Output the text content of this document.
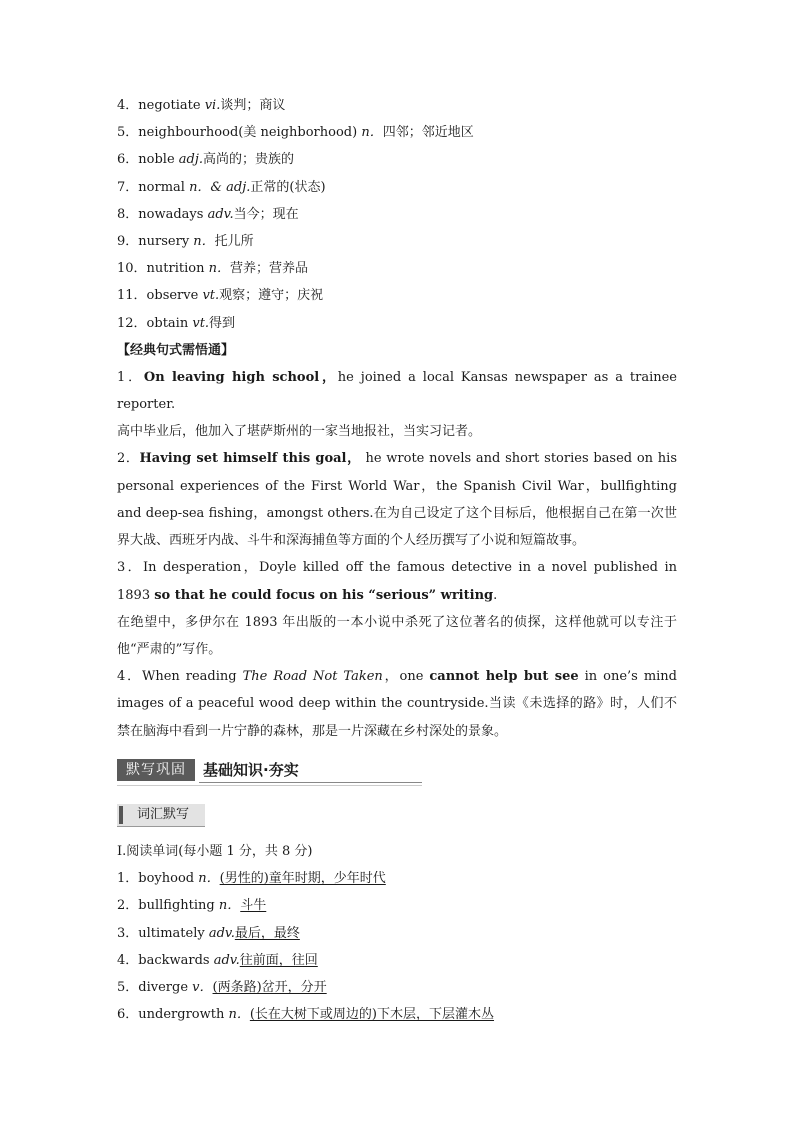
4．negotiate vi.谈判；商议
5．neighbourhood(美 neighborhood) n．四邻；邻近地区
6．noble adj.高尚的；贵族的
7．normal n．& adj.正常的(状态)
8．nowadays adv.当今；现在
9．nursery n．托儿所
10．nutrition n．营养；营养品
11．observe vt.观察；遵守；庆祝
12．obtain vt.得到
【经典句式需悟通】
1．On leaving high school，he joined a local Kansas newspaper as a trainee reporter.
高中毕业后，他加入了堪萨斯州的一家当地报社，当实习记者。
2．Having set himself this goal， he wrote novels and short stories based on his personal experiences of the First World War，the Spanish Civil War，bullfighting and deep-sea fishing，amongst others.在为自己设定了这个目标后，他根据自己在第一次世界大战、西班牙内战、斗牛和深海捕鱼等方面的个人经历撰写了小说和短篇故事。
3．In desperation，Doyle killed off the famous detective in a novel published in 1893 so that he could focus on his “serious” writing.
在绝望中，多伊尔在 1893 年出版的一本小说中杀死了这位著名的侦探，这样他就可以专注于他“严肃的”写作。
4．When reading The Road Not Taken，one cannot help but see in one’s mind images of a peaceful wood deep within the countryside.当读《未选择的路》时，人们不禁在脑海中看到一片宁静的森林，那是一片深藏在乡村深处的景象。
默写巩固	基础知识·夯实
词汇默写
Ⅰ.阅读单词(每小题 1 分，共 8 分)
1．boyhood n．(男性的)童年时期，少年时代
2．bullfighting n．斗牛
3．ultimately adv.最后，最终
4．backwards adv.往前面，往回
5．diverge v．(两条路)岔开，分开
6．undergrowth n．(长在大树下或周边的)下木层，下层灌木丛
